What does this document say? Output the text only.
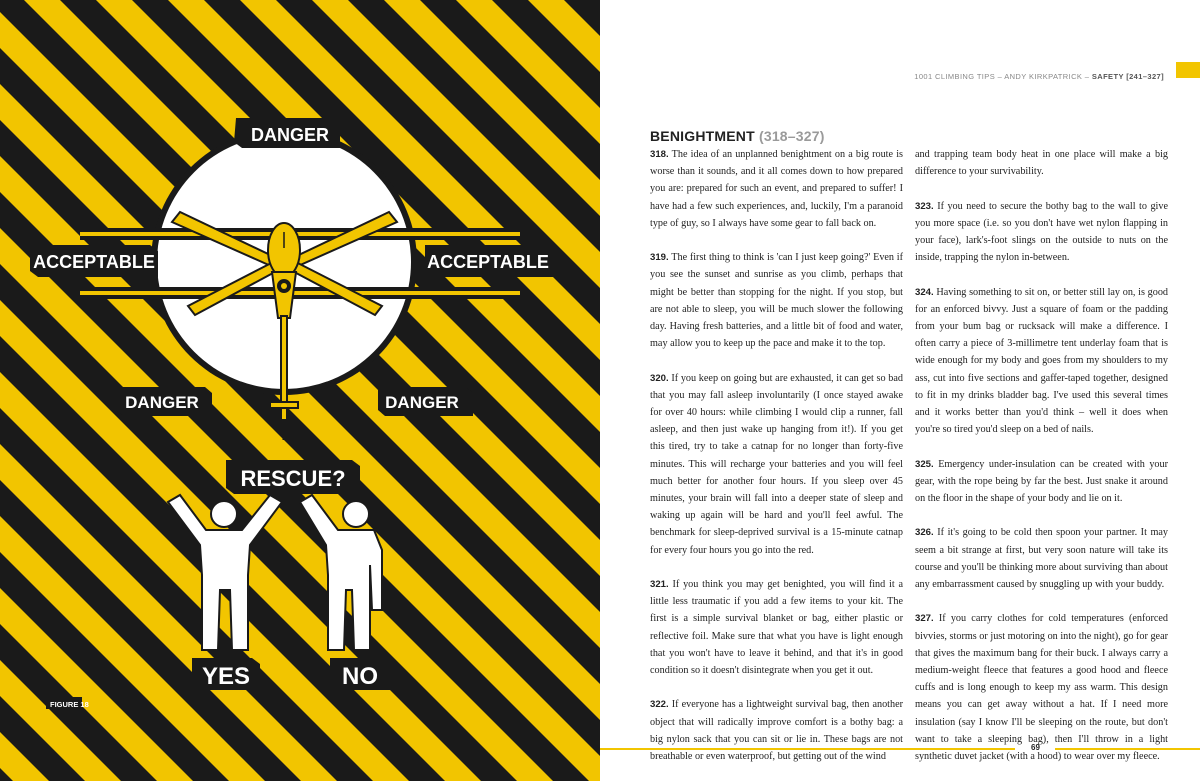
DANGER
ACCEPTABLE	ACCEPTABLE
DANGER	DANGER
RESCUE?
YES	NO
FIGURE 18
1001 CLIMBING TIPS – ANDY KIRKPATRICK – SAFETY [241–327]
BENIGHTMENT (318–327)

318. The idea of an unplanned benightment on a big route is worse than it sounds, and it all comes down to how prepared you are: prepared for such an event, and prepared to suffer! I have had a few such experiences, and, luckily, I'm a paranoid type of guy, so I always have some gear to fall back on.

319. The first thing to think is 'can I just keep going?' Even if you see the sunset and sunrise as you climb, perhaps that might be better than stopping for the night. If you stop, but are not able to sleep, you will be much slower the following day. Having fresh batteries, and a little bit of food and water, may allow you to keep up the pace and make it to the top.

320. If you keep on going but are exhausted, it can get so bad that you may fall asleep involuntarily (I once stayed awake for over 40 hours: while climbing I would clip a runner, fall asleep, and then just wake up hanging from it!). If you get this tired, try to take a catnap for no longer than forty-five minutes. This will recharge your batteries and you will feel much better for another four hours. If you sleep over 45 minutes, your brain will fall into a deeper state of sleep and waking up again will be hard and you'll feel awful. The benchmark for sleep-deprived survival is a 15-minute catnap for every four hours you go into the red.

321. If you think you may get benighted, you will find it a little less traumatic if you add a few items to your kit. The first is a simple survival blanket or bag, either plastic or reflective foil. Make sure that what you have is light enough that you won't have to leave it behind, and that it's in good condition so it doesn't disintegrate when you get it out.

322. If everyone has a lightweight survival bag, then another object that will radically improve comfort is a bothy bag: a big nylon sack that you can sit or lie in. These bags are not breathable or even waterproof, but getting out of the wind

and trapping team body heat in one place will make a big difference to your survivability.

323. If you need to secure the bothy bag to the wall to give you more space (i.e. so you don't have wet nylon flapping in your face), lark's-foot slings on the outside to nuts on the inside, trapping the nylon in-between.

324. Having something to sit on, or better still lay on, is good for an enforced bivvy. Just a square of foam or the padding from your bum bag or rucksack will make a difference. I often carry a piece of 3-millimetre tent underlay foam that is wide enough for my body and goes from my shoulders to my ass, cut into five sections and gaffer-taped together, designed to fit in my drinks bladder bag. I've used this several times and it works better than you'd think – well it does when you're so tired you'd sleep on a bed of nails.

325. Emergency under-insulation can be created with your gear, with the rope being by far the best. Just snake it around on the floor in the shape of your body and lie on it.

326. If it's going to be cold then spoon your partner. It may seem a bit strange at first, but very soon nature will take its course and you'll be thinking more about surviving than about any embarrassment caused by snuggling up with your buddy.

327. If you carry clothes for cold temperatures (enforced bivvies, storms or just motoring on into the night), go for gear that gives the maximum bang for their buck. I always carry a medium-weight fleece that features a good hood and fleece cuffs and is long enough to keep my ass warm. This design means you can get away without a hat. If I need more insulation (say I know I'll be sleeping on the route, but don't want to take a sleeping bag), then I'll throw in a light synthetic duvet jacket (with a hood) to wear over my fleece.

69
